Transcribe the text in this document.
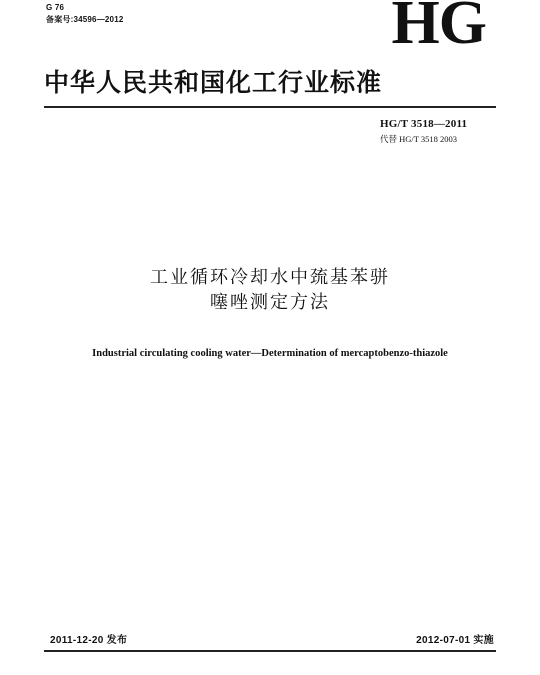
G 76
备案号:34596—2012	HG
中华人民共和国化工行业标准
HG/T 3518—2011
代替 HG/T 3518 2003
工业循环冷却水中巯基苯骈
噻唑测定方法
Industrial circulating cooling water—Determination of mercaptobenzo-thiazole
2011-12-20 发布	2012-07-01 实施
